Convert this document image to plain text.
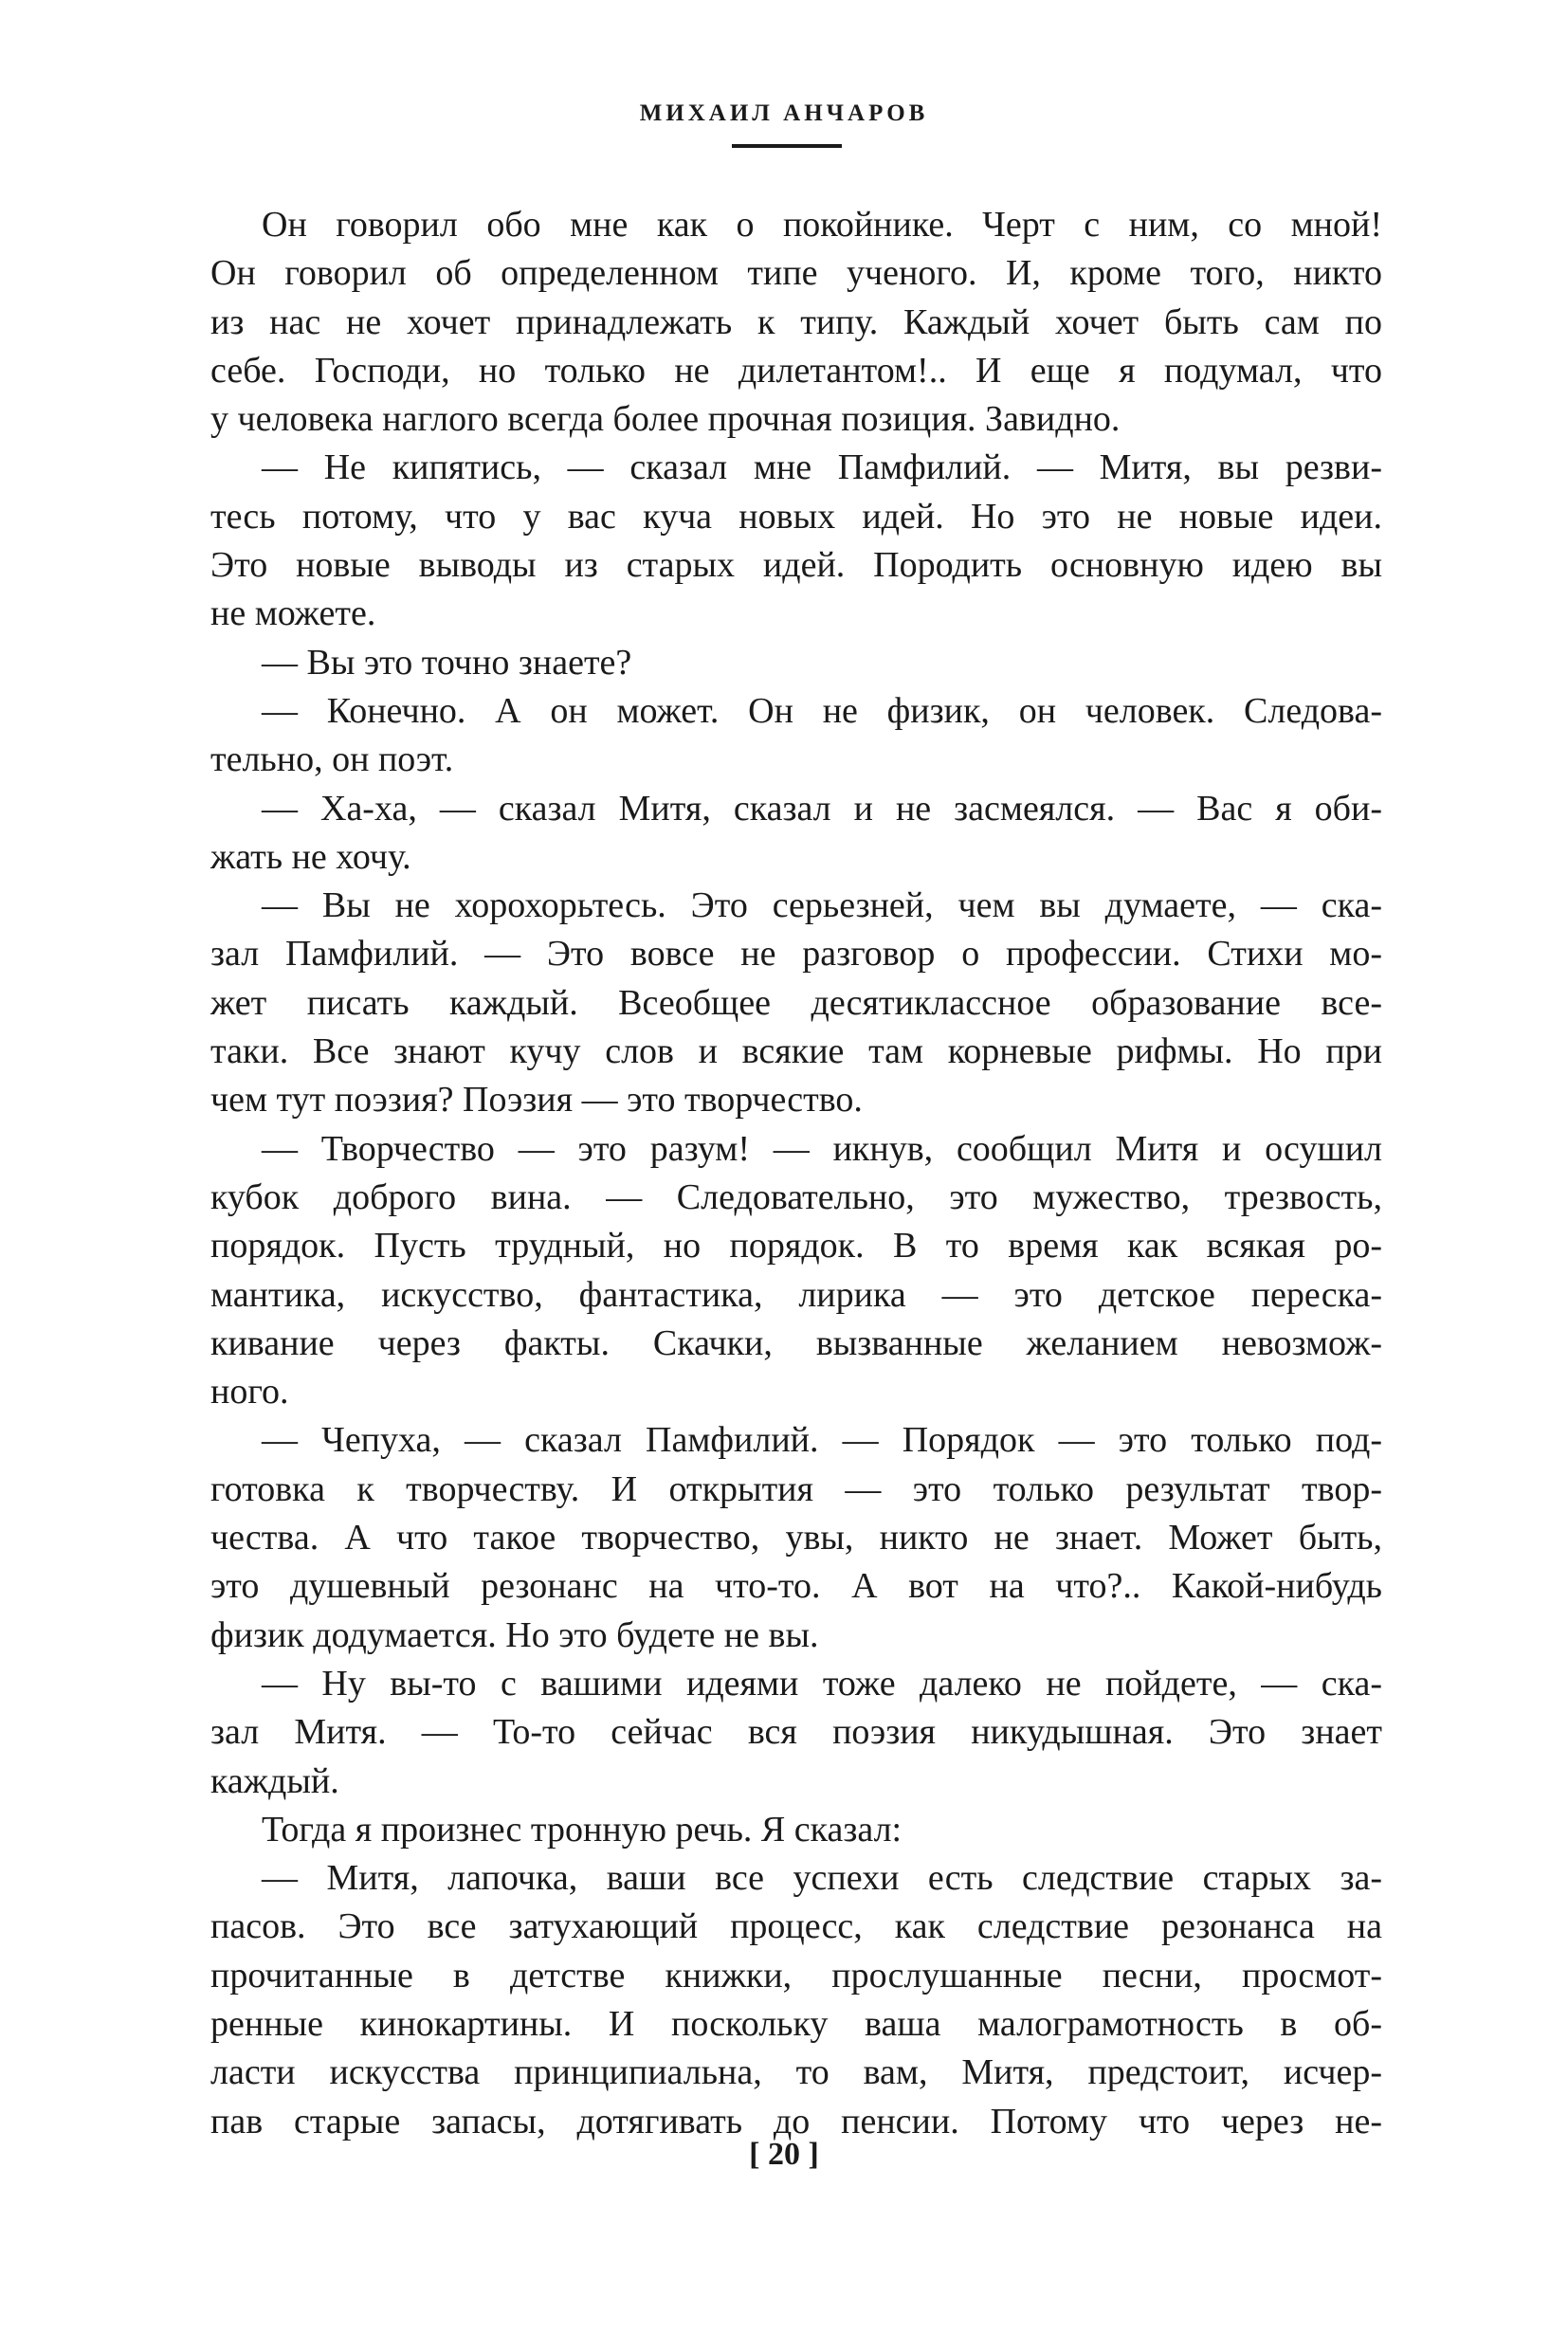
МИХАИЛ АНЧАРОВ
Он говорил обо мне как о покойнике. Черт с ним, со мной!
Он говорил об определенном типе ученого. И, кроме того, никто
из нас не хочет принадлежать к типу. Каждый хочет быть сам по
себе. Господи, но только не дилетантом!.. И еще я подумал, что
у человека наглого всегда более прочная позиция. Завидно.
— Не кипятись, — сказал мне Памфилий. — Митя, вы резви-
тесь потому, что у вас куча новых идей. Но это не новые идеи.
Это новые выводы из старых идей. Породить основную идею вы
не можете.
— Вы это точно знаете?
— Конечно. А он может. Он не физик, он человек. Следова-
тельно, он поэт.
— Ха-ха, — сказал Митя, сказал и не засмеялся. — Вас я оби-
жать не хочу.
— Вы не хорохорьтесь. Это серьезней, чем вы думаете, — ска-
зал Памфилий. — Это вовсе не разговор о профессии. Стихи мо-
жет писать каждый. Всеобщее десятиклассное образование все-
таки. Все знают кучу слов и всякие там корневые рифмы. Но при
чем тут поэзия? Поэзия — это творчество.
— Творчество — это разум! — икнув, сообщил Митя и осушил
кубок доброго вина. — Следовательно, это мужество, трезвость,
порядок. Пусть трудный, но порядок. В то время как всякая ро-
мантика, искусство, фантастика, лирика — это детское переска-
кивание через факты. Скачки, вызванные желанием невозмож-
ного.
— Чепуха, — сказал Памфилий. — Порядок — это только под-
готовка к творчеству. И открытия — это только результат твор-
чества. А что такое творчество, увы, никто не знает. Может быть,
это душевный резонанс на что-то. А вот на что?.. Какой-нибудь
физик додумается. Но это будете не вы.
— Ну вы-то с вашими идеями тоже далеко не пойдете, — ска-
зал Митя. — То-то сейчас вся поэзия никудышная. Это знает
каждый.
Тогда я произнес тронную речь. Я сказал:
— Митя, лапочка, ваши все успехи есть следствие старых за-
пасов. Это все затухающий процесс, как следствие резонанса на
прочитанные в детстве книжки, прослушанные песни, просмот-
ренные кинокартины. И поскольку ваша малограмотность в об-
ласти искусства принципиальна, то вам, Митя, предстоит, исчер-
пав старые запасы, дотягивать до пенсии. Потому что через не-
[ 20 ]
